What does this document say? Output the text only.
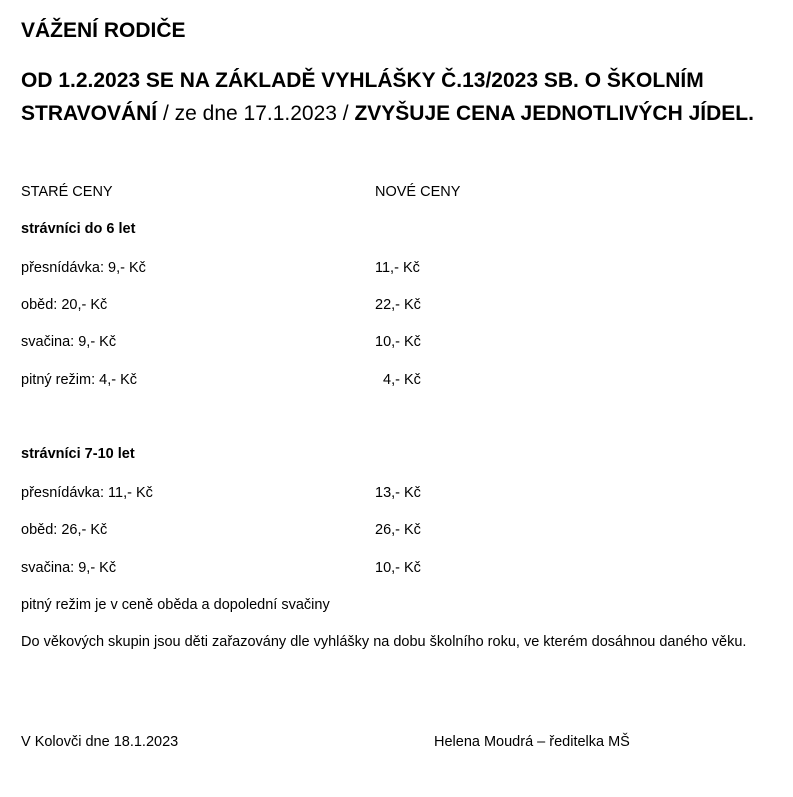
VÁŽENÍ RODIČE
OD 1.2.2023 SE NA ZÁKLADĚ VYHLÁŠKY Č.13/2023 SB. O ŠKOLNÍM STRAVOVÁNÍ / ze dne 17.1.2023 / ZVYŠUJE CENA JEDNOTLIVÝCH JÍDEL.
STARÉ CENY	NOVÉ CENY
strávníci do 6 let
přesnídávka: 9,- Kč	11,- Kč
oběd: 20,- Kč	22,- Kč
svačina: 9,- Kč	10,- Kč
pitný režim: 4,- Kč	4,- Kč
strávníci 7-10 let
přesnídávka: 11,- Kč	13,- Kč
oběd: 26,- Kč	26,- Kč
svačina: 9,- Kč	10,- Kč
pitný režim je v ceně oběda a dopolední svačiny
Do věkových skupin jsou děti zařazovány dle vyhlášky na dobu školního roku, ve kterém dosáhnou daného věku.
V Kolovči dne 18.1.2023	Helena Moudrá – ředitelka MŠ
